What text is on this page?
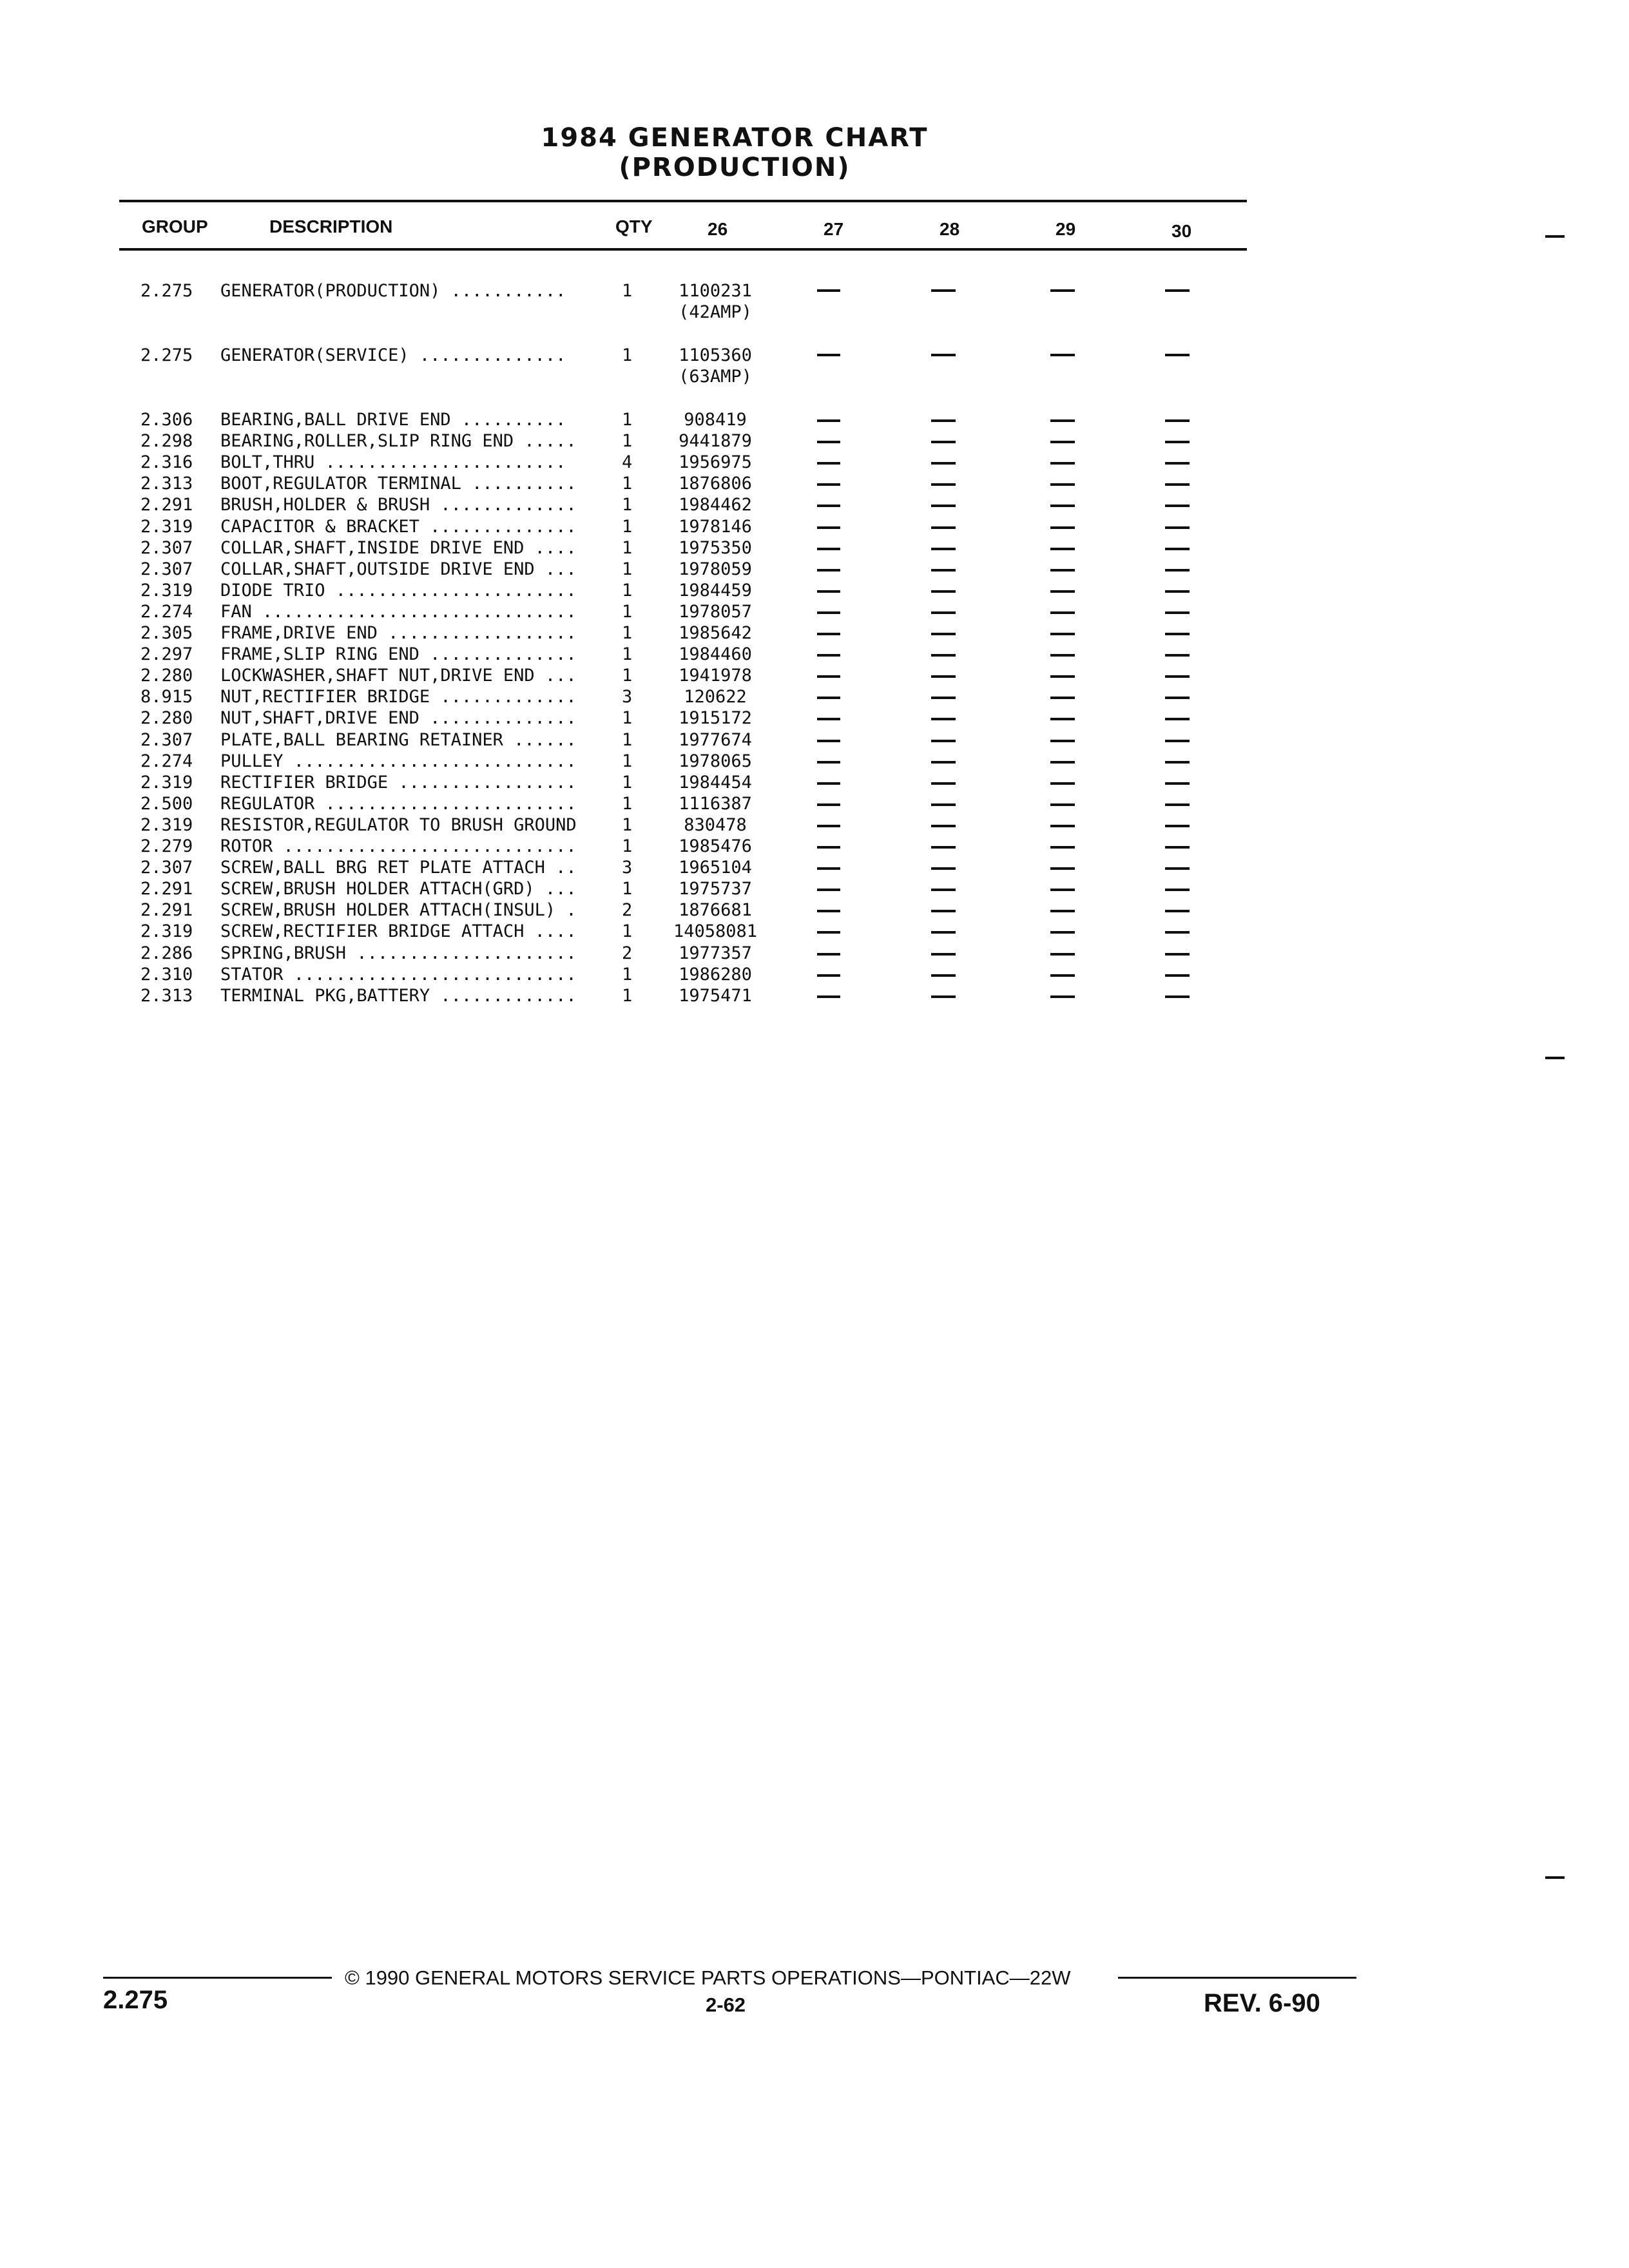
1984 GENERATOR CHART
(PRODUCTION)
GROUP	DESCRIPTION	QTY	26	27	28	29	30
2.275 GENERATOR(PRODUCTION) ...........	1	1100231
(42AMP)
2.275 GENERATOR(SERVICE) ..............	1	1105360
(63AMP)
2.306 BEARING,BALL DRIVE END ..........	1	908419
2.298 BEARING,ROLLER,SLIP RING END .....	1	9441879
2.316 BOLT,THRU .......................	4	1956975
2.313 BOOT,REGULATOR TERMINAL ..........	1	1876806
2.291 BRUSH,HOLDER & BRUSH .............	1	1984462
2.319 CAPACITOR & BRACKET ..............	1	1978146
2.307 COLLAR,SHAFT,INSIDE DRIVE END ....	1	1975350
2.307 COLLAR,SHAFT,OUTSIDE DRIVE END ...	1	1978059
2.319 DIODE TRIO .......................	1	1984459
2.274 FAN ..............................	1	1978057
2.305 FRAME,DRIVE END ..................	1	1985642
2.297 FRAME,SLIP RING END ..............	1	1984460
2.280 LOCKWASHER,SHAFT NUT,DRIVE END ...	1	1941978
8.915 NUT,RECTIFIER BRIDGE .............	3	120622
2.280 NUT,SHAFT,DRIVE END ..............	1	1915172
2.307 PLATE,BALL BEARING RETAINER ......	1	1977674
2.274 PULLEY ...........................	1	1978065
2.319 RECTIFIER BRIDGE .................	1	1984454
2.500 REGULATOR ........................	1	1116387
2.319 RESISTOR,REGULATOR TO BRUSH GROUND	1	830478
2.279 ROTOR ............................	1	1985476
2.307 SCREW,BALL BRG RET PLATE ATTACH ..	3	1965104
2.291 SCREW,BRUSH HOLDER ATTACH(GRD) ...	1	1975737
2.291 SCREW,BRUSH HOLDER ATTACH(INSUL) .	2	1876681
2.319 SCREW,RECTIFIER BRIDGE ATTACH ....	1	14058081
2.286 SPRING,BRUSH .....................	2	1977357
2.310 STATOR ...........................	1	1986280
2.313 TERMINAL PKG,BATTERY .............	1	1975471
© 1990 GENERAL MOTORS SERVICE PARTS OPERATIONS—PONTIAC—22W
2.275	2-62	REV. 6-90
